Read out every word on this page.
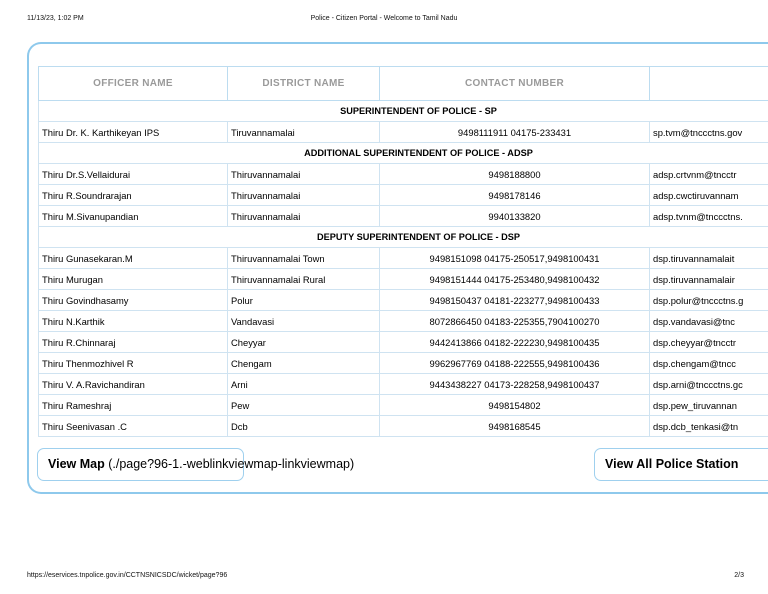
11/13/23, 1:02 PM	Police - Citizen Portal - Welcome to Tamil Nadu
OFFICER NAME	DISTRICT NAME	CONTACT NUMBER	
SUPERINTENDENT OF POLICE - SP			
Thiru Dr. K. Karthikeyan IPS	Tiruvannamalai	9498111911 04175-233431	sp.tvm@tnccctns.gov
ADDITIONAL SUPERINTENDENT OF POLICE - ADSP			
Thiru Dr.S.Vellaidurai	Thiruvannamalai	9498188800	adsp.crtvnm@tncctr
Thiru R.Soundrarajan	Thiruvannamalai	9498178146	adsp.cwctiruvannam
Thiru M.Sivanupandian	Thiruvannamalai	9940133820	adsp.tvnm@tnccctns.
DEPUTY SUPERINTENDENT OF POLICE - DSP			
Thiru Gunasekaran.M	Thiruvannamalai Town	9498151098 04175-250517,9498100431	dsp.tiruvannamalait
Thiru Murugan	Thiruvannamalai Rural	9498151444 04175-253480,9498100432	dsp.tiruvannamalair
Thiru Govindhasamy	Polur	9498150437 04181-223277,9498100433	dsp.polur@tnccctns.g
Thiru N.Karthik	Vandavasi	8072866450 04183-225355,7904100270	dsp.vandavasi@tnc
Thiru R.Chinnaraj	Cheyyar	9442413866 04182-222230,9498100435	dsp.cheyyar@tncctr
Thiru Thenmozhivel R	Chengam	9962967769 04188-222555,9498100436	dsp.chengam@tncc
Thiru V. A.Ravichandiran	Arni	9443438227 04173-228258,9498100437	dsp.arni@tnccctns.gc
Thiru Rameshraj	Pew	9498154802	dsp.pew_tiruvannan
Thiru Seenivasan .C	Dcb	9498168545	dsp.dcb_tenkasi@tn
View Map (./page?96-1.-weblinkviewmap-linkviewmap)	View All Police Station
https://eservices.tnpolice.gov.in/CCTNSNICSDC/wicket/page?96	2/3
